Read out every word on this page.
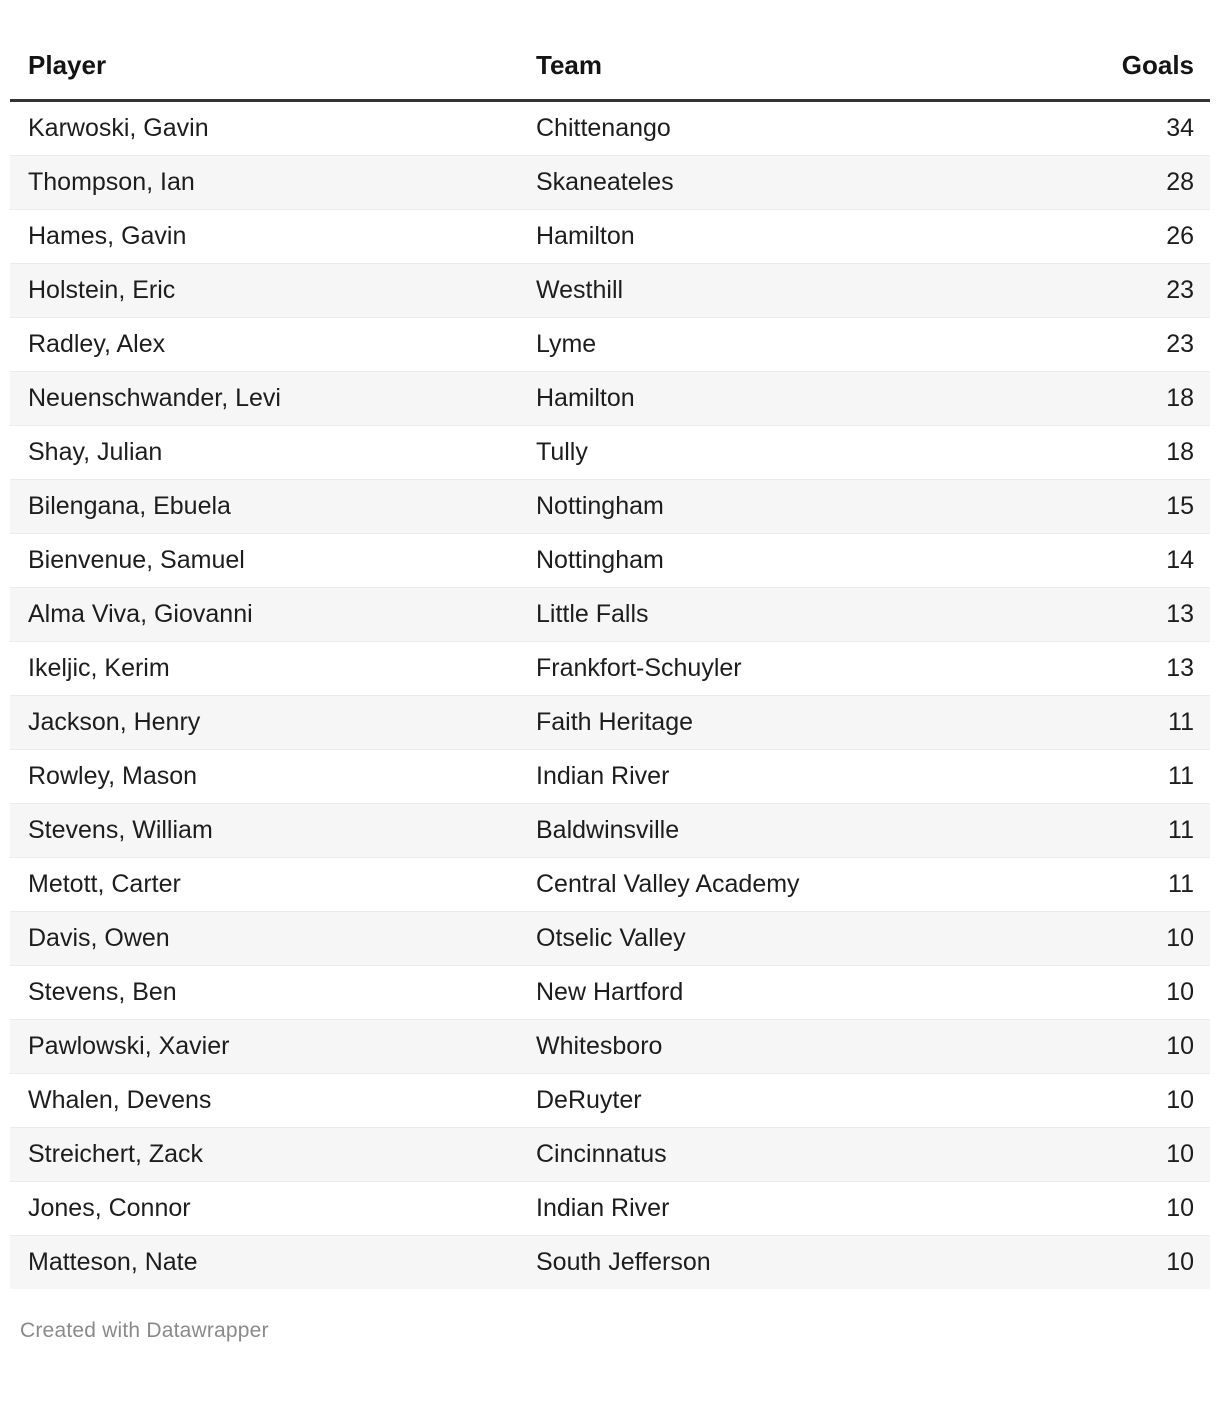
Player	Team	Goals
Karwoski, Gavin	Chittenango	34
Thompson, Ian	Skaneateles	28
Hames, Gavin	Hamilton	26
Holstein, Eric	Westhill	23
Radley, Alex	Lyme	23
Neuenschwander, Levi	Hamilton	18
Shay, Julian	Tully	18
Bilengana, Ebuela	Nottingham	15
Bienvenue, Samuel	Nottingham	14
Alma Viva, Giovanni	Little Falls	13
Ikeljic, Kerim	Frankfort-Schuyler	13
Jackson, Henry	Faith Heritage	11
Rowley, Mason	Indian River	11
Stevens, William	Baldwinsville	11
Metott, Carter	Central Valley Academy	11
Davis, Owen	Otselic Valley	10
Stevens, Ben	New Hartford	10
Pawlowski, Xavier	Whitesboro	10
Whalen, Devens	DeRuyter	10
Streichert, Zack	Cincinnatus	10
Jones, Connor	Indian River	10
Matteson, Nate	South Jefferson	10
Created with Datawrapper
